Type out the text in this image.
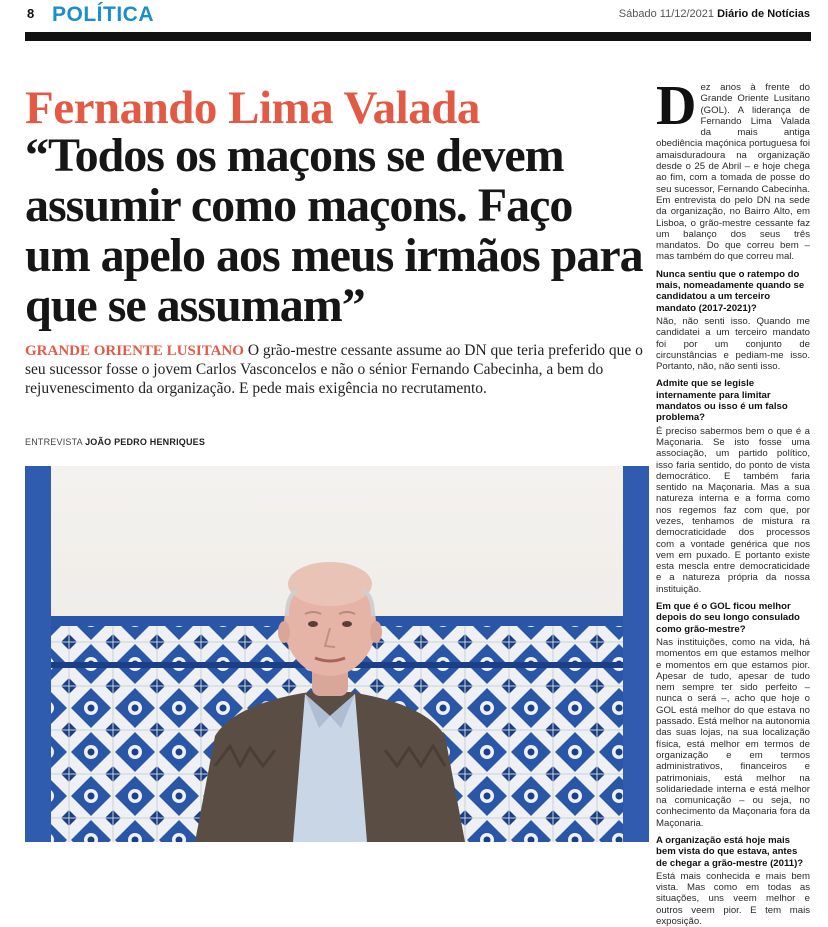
8 POLÍTICA	Sábado 11/12/2021 Diário de Notícias
Fernando Lima Valada
“Todos os maçons se devem assumir como maçons. Faço um apelo aos meus irmãos para que se assumam”
GRANDE ORIENTE LUSITANO O grão-mestre cessante assume ao DN que teria preferido que o seu sucessor fosse o jovem Carlos Vasconcelos e não o sénior Fernando Cabecinha, a bem do rejuvenescimento da organização. E pede mais exigência no recrutamento.
ENTREVISTA JOÃO PEDRO HENRIQUES

Dez anos à frente do Grande Oriente Lusitano (GOL). A liderança de Fernando Lima Valada da mais antiga obediência maçónica portuguesa foi amaisduradoura na organização desde o 25 de Abril – e hoje chega ao fim, com a tomada de posse do seu sucessor, Fernando Cabecinha. Em entrevista do pelo DN na sede da organização, no Bairro Alto, em Lisboa, o grão-mestre cessante faz um balanço dos seus três mandatos. Do que correu bem – mas também do que correu mal.

Nunca sentiu que o ratempo do mais, nomeadamente quando se candidatou a um terceiro mandato (2017-2021)?

Não, não senti isso. Quando me candidatei a um terceiro mandato foi por um conjunto de circunstâncias e pediam-me isso. Portanto, não, não senti isso.

Admite que se legisle internamente para limitar mandatos ou isso é um falso problema?

É preciso sabermos bem o que é a Maçonaria. Se isto fosse uma associação, um partido político, isso faria sentido, do ponto de vista democrático. E também faria sentido na Maçonaria. Mas a sua natureza interna e a forma como nos regemos faz com que, por vezes, tenhamos de mistura ra democraticidade dos processos com a vontade genérica que nos vem em puxado. E portanto existe esta mescla entre democraticidade e a natureza própria da nossa instituição.

Em que é o GOL ficou melhor depois do seu longo consulado como grão-mestre?

Nas instituições, como na vida, há momentos em que estamos melhor e momentos em que estamos pior. Apesar de tudo, apesar de tudo nem sempre ter sido perfeito – nunca o será –, acho que hoje o GOL está melhor do que estava no passado. Está melhor na autonomia das suas lojas, na sua localização física, está melhor em termos de organização e em termos administrativos, financeiros e patrimoniais, está melhor na solidariedade interna e está melhor na comunicação – ou seja, no conhecimento da Maçonaria fora da Maçonaria.

A organização está hoje mais bem vista do que estava, antes de chegar a grão-mestre (2011)?

Está mais conhecida e mais bem vista. Mas como em todas as situações, uns veem melhor e outros veem pior. E tem mais exposição.
